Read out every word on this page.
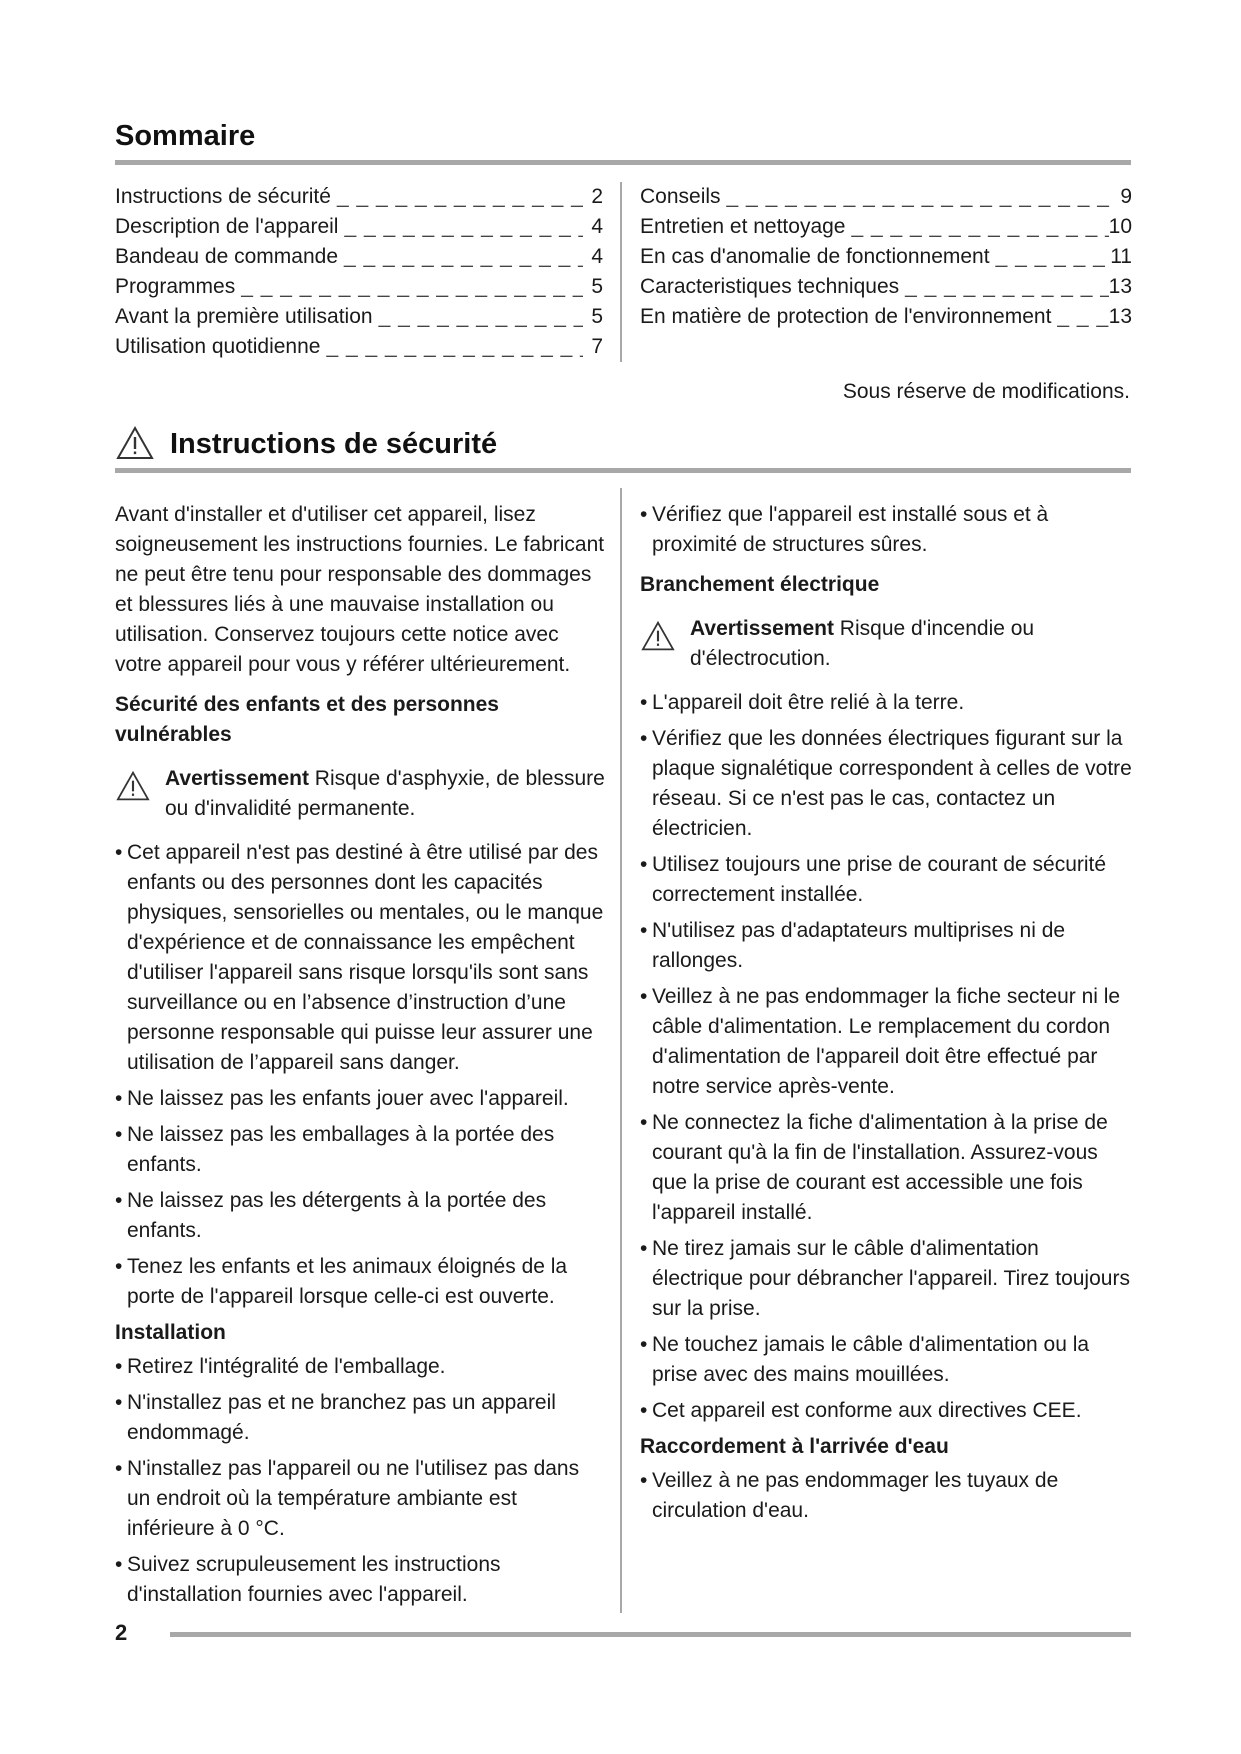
Sommaire
Instructions de sécurité _ _ _	2
Description de l'appareil _ _ _	4
Bandeau de commande _ _ _	4
Programmes _ _ _	5
Avant la première utilisation _ _ _	5
Utilisation quotidienne _ _ _	7
Conseils _ _ _	9
Entretien et nettoyage _ _ _	10
En cas d'anomalie de fonctionnement _ _ _	11
Caracteristiques techniques _ _ _	13
En matière de protection de l'environnement _ _ _	13
Sous réserve de modifications.
Instructions de sécurité

Avant d'installer et d'utiliser cet appareil, lisez soigneusement les instructions fournies. Le fabricant ne peut être tenu pour responsable des dommages et blessures liés à une mauvaise installation ou utilisation. Conservez toujours cette notice avec votre appareil pour vous y référer ultérieurement.

Sécurité des enfants et des personnes vulnérables

Avertissement Risque d'asphyxie, de blessure ou d'invalidité permanente.
• Cet appareil n'est pas destiné à être utilisé par des enfants ou des personnes dont les capacités physiques, sensorielles ou mentales, ou le manque d'expérience et de connaissance les empêchent d'utiliser l'appareil sans risque lorsqu'ils sont sans surveillance ou en l’absence d’instruction d’une personne responsable qui puisse leur assurer une utilisation de l’appareil sans danger.
• Ne laissez pas les enfants jouer avec l'appareil.
• Ne laissez pas les emballages à la portée des enfants.
• Ne laissez pas les détergents à la portée des enfants.
• Tenez les enfants et les animaux éloignés de la porte de l'appareil lorsque celle-ci est ouverte.

Installation

• Retirez l'intégralité de l'emballage.
• N'installez pas et ne branchez pas un appareil endommagé.
• N'installez pas l'appareil ou ne l'utilisez pas dans un endroit où la température ambiante est inférieure à 0 °C.
• Suivez scrupuleusement les instructions d'installation fournies avec l'appareil.
• Vérifiez que l'appareil est installé sous et à proximité de structures sûres.

Branchement électrique

Avertissement Risque d'incendie ou d'électrocution.
• L'appareil doit être relié à la terre.
• Vérifiez que les données électriques figurant sur la plaque signalétique correspondent à celles de votre réseau. Si ce n'est pas le cas, contactez un électricien.
• Utilisez toujours une prise de courant de sécurité correctement installée.
• N'utilisez pas d'adaptateurs multiprises ni de rallonges.
• Veillez à ne pas endommager la fiche secteur ni le câble d'alimentation. Le remplacement du cordon d'alimentation de l'appareil doit être effectué par notre service après-vente.
• Ne connectez la fiche d'alimentation à la prise de courant qu'à la fin de l'installation. Assurez-vous que la prise de courant est accessible une fois l'appareil installé.
• Ne tirez jamais sur le câble d'alimentation électrique pour débrancher l'appareil. Tirez toujours sur la prise.
• Ne touchez jamais le câble d'alimentation ou la prise avec des mains mouillées.
• Cet appareil est conforme aux directives CEE.

Raccordement à l'arrivée d'eau

• Veillez à ne pas endommager les tuyaux de circulation d'eau.
2
